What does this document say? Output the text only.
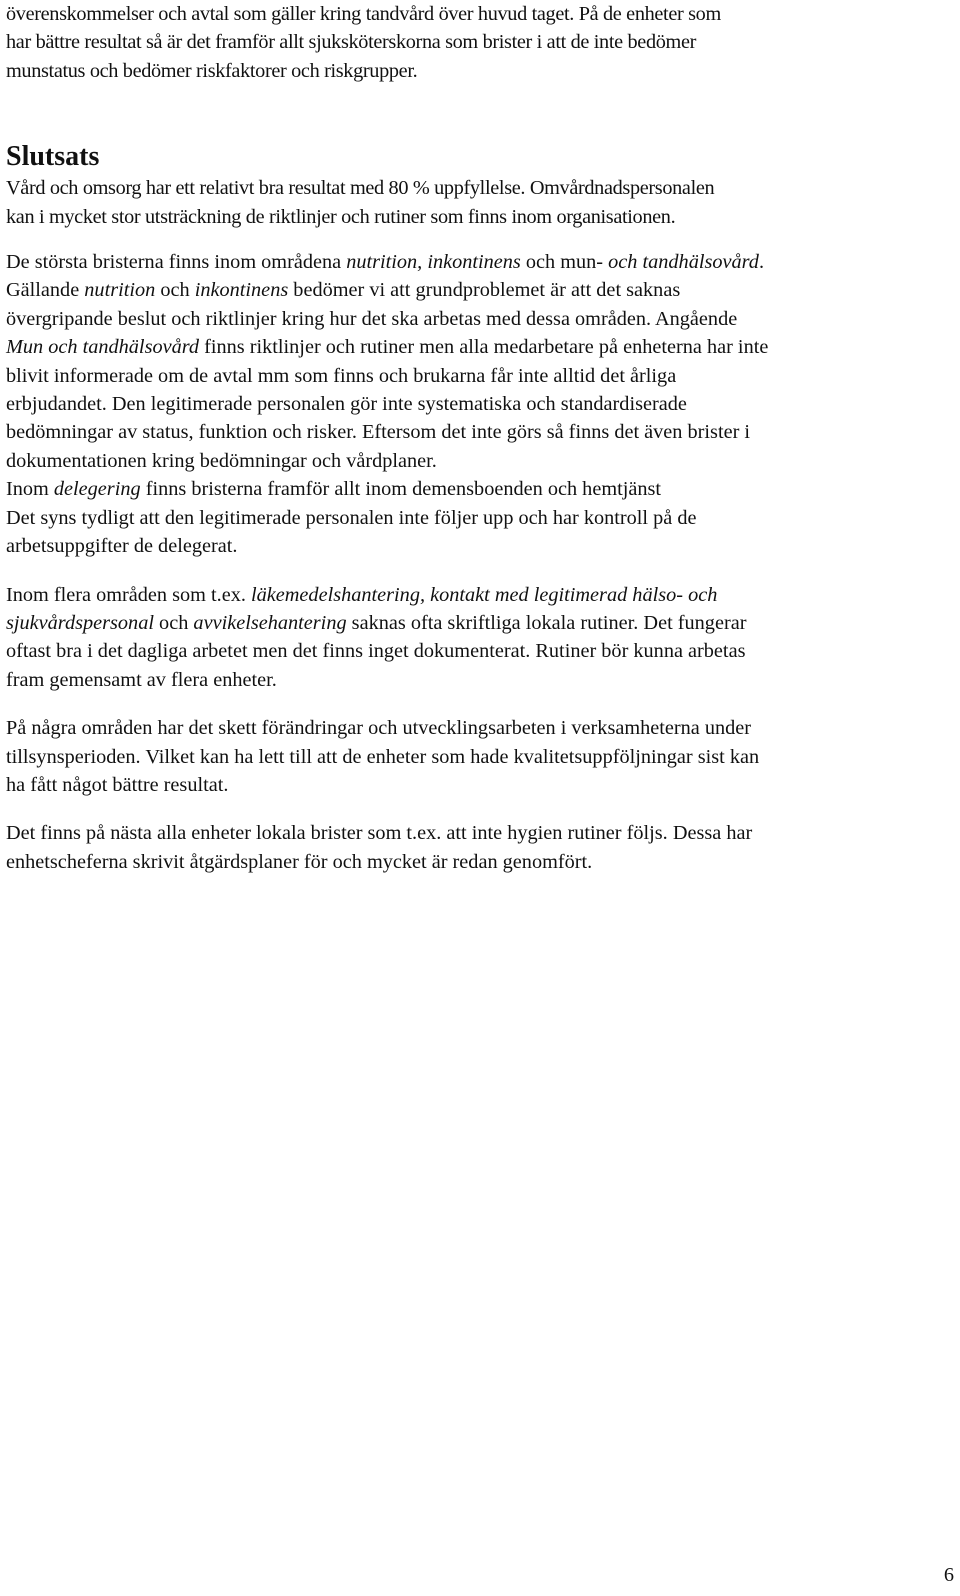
överenskommelser och avtal som gäller kring tandvård över huvud taget. På de enheter som
har bättre resultat så är det framför allt sjuksköterskorna som brister i att de inte bedömer
munstatus och bedömer riskfaktorer och riskgrupper.

Slutsats

Vård och omsorg har ett relativt bra resultat med 80 % uppfyllelse. Omvårdnadspersonalen
kan i mycket stor utsträckning de riktlinjer och rutiner som finns inom organisationen.

De största bristerna finns inom områdena nutrition, inkontinens och mun- och tandhälsovård.
Gällande nutrition och inkontinens bedömer vi att grundproblemet är att det saknas
övergripande beslut och riktlinjer kring hur det ska arbetas med dessa områden. Angående
Mun och tandhälsovård finns riktlinjer och rutiner men alla medarbetare på enheterna har inte
blivit informerade om de avtal mm som finns och brukarna får inte alltid det årliga
erbjudandet. Den legitimerade personalen gör inte systematiska och standardiserade
bedömningar av status, funktion och risker. Eftersom det inte görs så finns det även brister i
dokumentationen kring bedömningar och vårdplaner.
Inom delegering finns bristerna framför allt inom demensboenden och hemtjänst
Det syns tydligt att den legitimerade personalen inte följer upp och har kontroll på de
arbetsuppgifter de delegerat.

Inom flera områden som t.ex. läkemedelshantering, kontakt med legitimerad hälso- och
sjukvårdspersonal och avvikelsehantering saknas ofta skriftliga lokala rutiner. Det fungerar
oftast bra i det dagliga arbetet men det finns inget dokumenterat. Rutiner bör kunna arbetas
fram gemensamt av flera enheter.

På några områden har det skett förändringar och utvecklingsarbeten i verksamheterna under
tillsynsperioden. Vilket kan ha lett till att de enheter som hade kvalitetsuppföljningar sist kan
ha fått något bättre resultat.

Det finns på nästa alla enheter lokala brister som t.ex. att inte hygien rutiner följs. Dessa har
enhetscheferna skrivit åtgärdsplaner för och mycket är redan genomfört.

6
